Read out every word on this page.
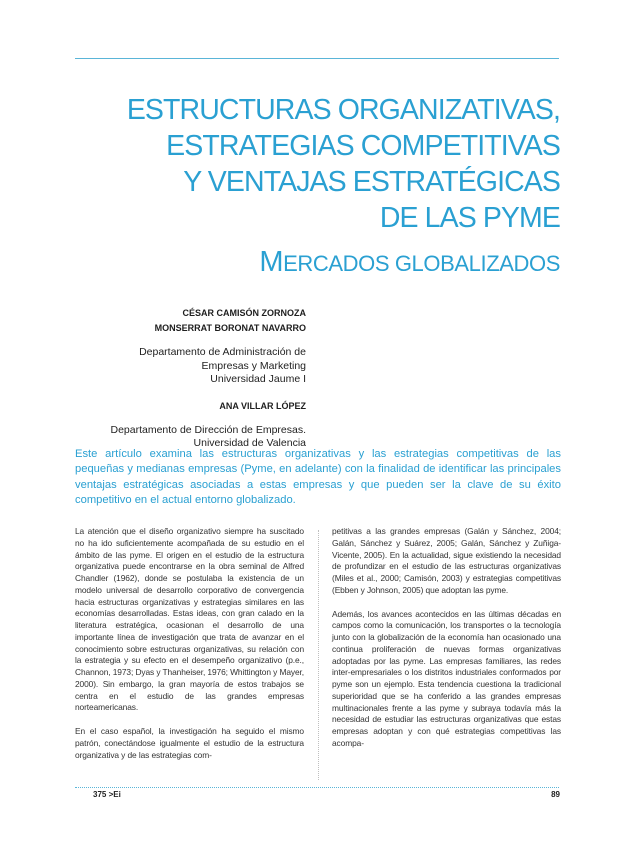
ESTRUCTURAS ORGANIZATIVAS,
ESTRATEGIAS COMPETITIVAS
Y VENTAJAS ESTRATÉGICAS
DE LAS PYME
MERCADOS GLOBALIZADOS
CÉSAR CAMISÓN ZORNOZA
MONSERRAT BORONAT NAVARRO
Departamento de Administración de
Empresas y Marketing
Universidad Jaume I
ANA VILLAR LÓPEZ
Departamento de Dirección de Empresas.
Universidad de Valencia
Este artículo examina las estructuras organizativas y las estrategias competitivas de las pequeñas y medianas empresas (Pyme, en adelante) con la finalidad de identificar las principales ventajas estratégicas asociadas a estas empresas y que pueden ser la clave de su éxito competitivo en el actual entorno globalizado.

La atención que el diseño organizativo siempre ha suscitado no ha ido suficientemente acompañada de su estudio en el ámbito de las pyme. El origen en el estudio de la estructura organizativa puede encontrarse en la obra seminal de Alfred Chandler (1962), donde se postulaba la existencia de un modelo universal de desarrollo corporativo de convergencia hacia estructuras organizativas y estrategias similares en las economías desarrolladas. Estas ideas, con gran calado en la literatura estratégica, ocasionan el desarrollo de una importante línea de investigación que trata de avanzar en el conocimiento sobre estructuras organizativas, su relación con la estrategia y su efecto en el desempeño organizativo (p.e., Channon, 1973; Dyas y Thanheiser, 1976; Whittington y Mayer, 2000). Sin embargo, la gran mayoría de estos trabajos se centra en el estudio de las grandes empresas norteamericanas.

En el caso español, la investigación ha seguido el mismo patrón, conectándose igualmente el estudio de la estructura organizativa y de las estrategias com-

petitivas a las grandes empresas (Galán y Sánchez, 2004; Galán, Sánchez y Suárez, 2005; Galán, Sánchez y Zuñiga-Vicente, 2005). En la actualidad, sigue existiendo la necesidad de profundizar en el estudio de las estructuras organizativas (Miles et al., 2000; Camisón, 2003) y estrategias competitivas (Ebben y Johnson, 2005) que adoptan las pyme.

Además, los avances acontecidos en las últimas décadas en campos como la comunicación, los transportes o la tecnología junto con la globalización de la economía han ocasionado una continua proliferación de nuevas formas organizativas adoptadas por las pyme. Las empresas familiares, las redes inter-empresariales o los distritos industriales conformados por pyme son un ejemplo. Esta tendencia cuestiona la tradicional superioridad que se ha conferido a las grandes empresas multinacionales frente a las pyme y subraya todavía más la necesidad de estudiar las estructuras organizativas que estas empresas adoptan y con qué estrategias competitivas las acompa-

375 >Ei	89
